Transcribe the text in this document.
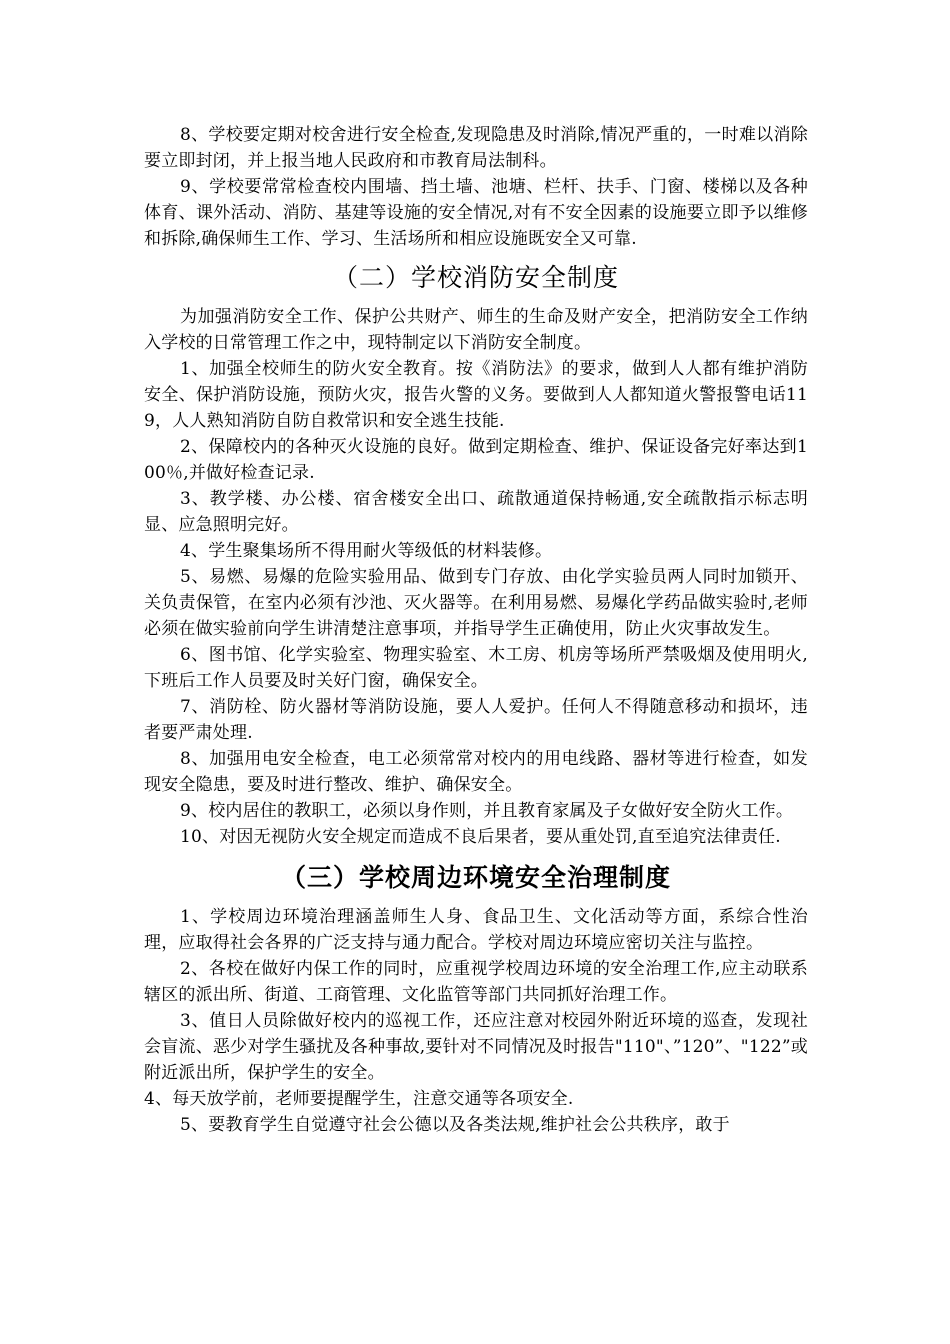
8、学校要定期对校舍进行安全检查,发现隐患及时消除,情况严重的，一时难以消除要立即封闭，并上报当地人民政府和市教育局法制科。

9、学校要常常检查校内围墙、挡土墙、池塘、栏杆、扶手、门窗、楼梯以及各种体育、课外活动、消防、基建等设施的安全情况,对有不安全因素的设施要立即予以维修和拆除,确保师生工作、学习、生活场所和相应设施既安全又可靠.

（二）学校消防安全制度

为加强消防安全工作、保护公共财产、师生的生命及财产安全，把消防安全工作纳入学校的日常管理工作之中，现特制定以下消防安全制度。

1、加强全校师生的防火安全教育。按《消防法》的要求，做到人人都有维护消防安全、保护消防设施，预防火灾，报告火警的义务。要做到人人都知道火警报警电话119，人人熟知消防自防自救常识和安全逃生技能.

2、保障校内的各种灭火设施的良好。做到定期检查、维护、保证设备完好率达到100％,并做好检查记录.

3、教学楼、办公楼、宿舍楼安全出口、疏散通道保持畅通,安全疏散指示标志明显、应急照明完好。

4、学生聚集场所不得用耐火等级低的材料装修。

5、易燃、易爆的危险实验用品、做到专门存放、由化学实验员两人同时加锁开、关负责保管，在室内必须有沙池、灭火器等。在利用易燃、易爆化学药品做实验时,老师必须在做实验前向学生讲清楚注意事项，并指导学生正确使用，防止火灾事故发生。

6、图书馆、化学实验室、物理实验室、木工房、机房等场所严禁吸烟及使用明火,下班后工作人员要及时关好门窗，确保安全。

7、消防栓、防火器材等消防设施，要人人爱护。任何人不得随意移动和损坏，违者要严肃处理.

8、加强用电安全检查，电工必须常常对校内的用电线路、器材等进行检查，如发现安全隐患，要及时进行整改、维护、确保安全。

9、校内居住的教职工，必须以身作则，并且教育家属及子女做好安全防火工作。

10、对因无视防火安全规定而造成不良后果者，要从重处罚,直至追究法律责任.

（三）学校周边环境安全治理制度

1、学校周边环境治理涵盖师生人身、食品卫生、文化活动等方面，系综合性治理，应取得社会各界的广泛支持与通力配合。学校对周边环境应密切关注与监控。

2、各校在做好内保工作的同时，应重视学校周边环境的安全治理工作,应主动联系辖区的派出所、街道、工商管理、文化监管等部门共同抓好治理工作。

3、值日人员除做好校内的巡视工作，还应注意对校园外附近环境的巡查，发现社会盲流、恶少对学生骚扰及各种事故,要针对不同情况及时报告"110"、”120”、"122”或附近派出所，保护学生的安全。

4、每天放学前，老师要提醒学生，注意交通等各项安全.

5、要教育学生自觉遵守社会公德以及各类法规,维护社会公共秩序，敢于
